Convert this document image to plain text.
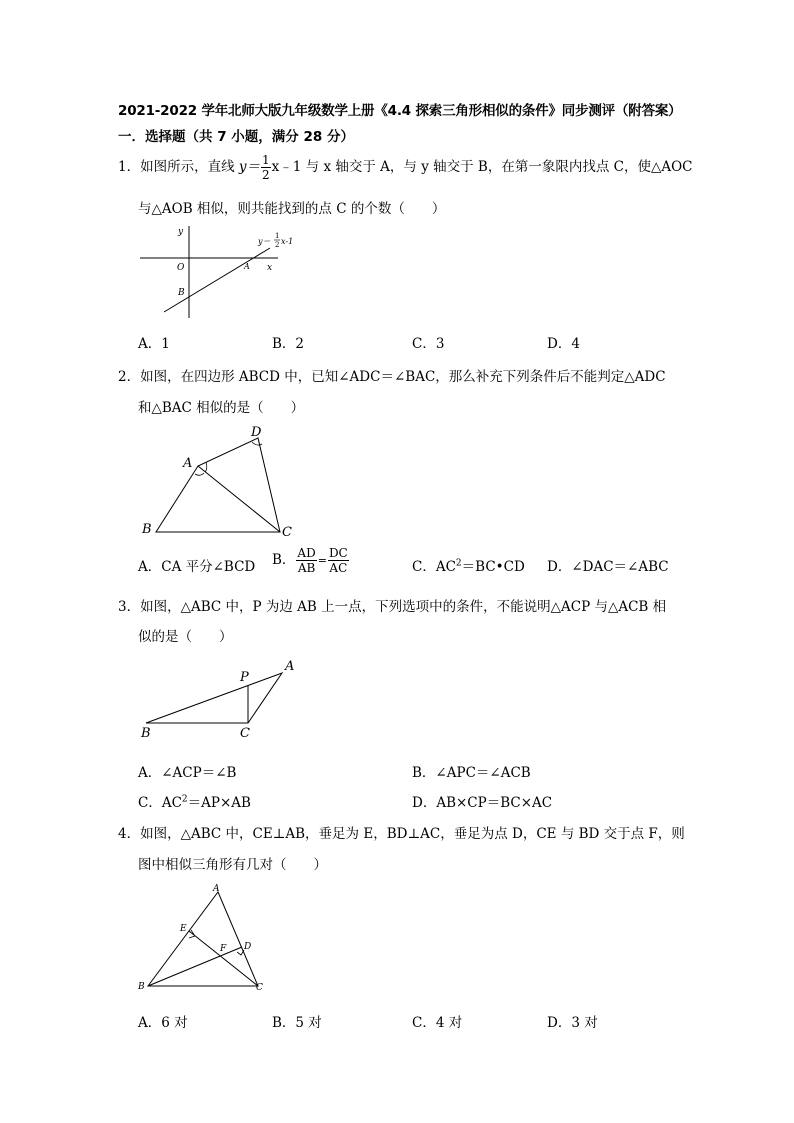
2021-2022 学年北师大版九年级数学上册《4.4 探索三角形相似的条件》同步测评（附答案）
一．选择题（共 7 小题，满分 28 分）
1．如图所示，直线 $y= \frac{1}{2}$ x﹣1 与 x 轴交于 A，与 y 轴交于 B，在第一象限内找点 C，使△AOC
与△AOB 相似，则共能找到的点 C 的个数（　　）
y
x
O	A
B
y＝
1
2 x-1
A．1	B．2	C．3	D．4
2．如图，在四边形 ABCD 中，已知∠ADC＝∠BAC，那么补充下列条件后不能判定△ADC
和△BAC 相似的是（　　）
A
B	C
D
A．CA 平分∠BCD B． $\frac{AD}{AB} = \frac{DC}{AC}$	C．$AC^2=BC•CD$ D．∠DAC＝∠ABC
3．如图，△ABC 中，P 为边 AB 上一点，下列选项中的条件，不能说明△ACP 与△ACB 相
似的是（　　）
A
B	C
P
A．∠ACP＝∠B	B．∠APC＝∠ACB
C．$AC^2=AP\times AB$	D．AB×CP＝BC×AC
4．如图，△ABC 中，CE⊥AB，垂足为 E，BD⊥AC，垂足为点 D，CE 与 BD 交于点 F，则
图中相似三角形有几对（　　）
A
B	C
D
E
F
A．6 对	B．5 对	C．4 对	D．3 对
